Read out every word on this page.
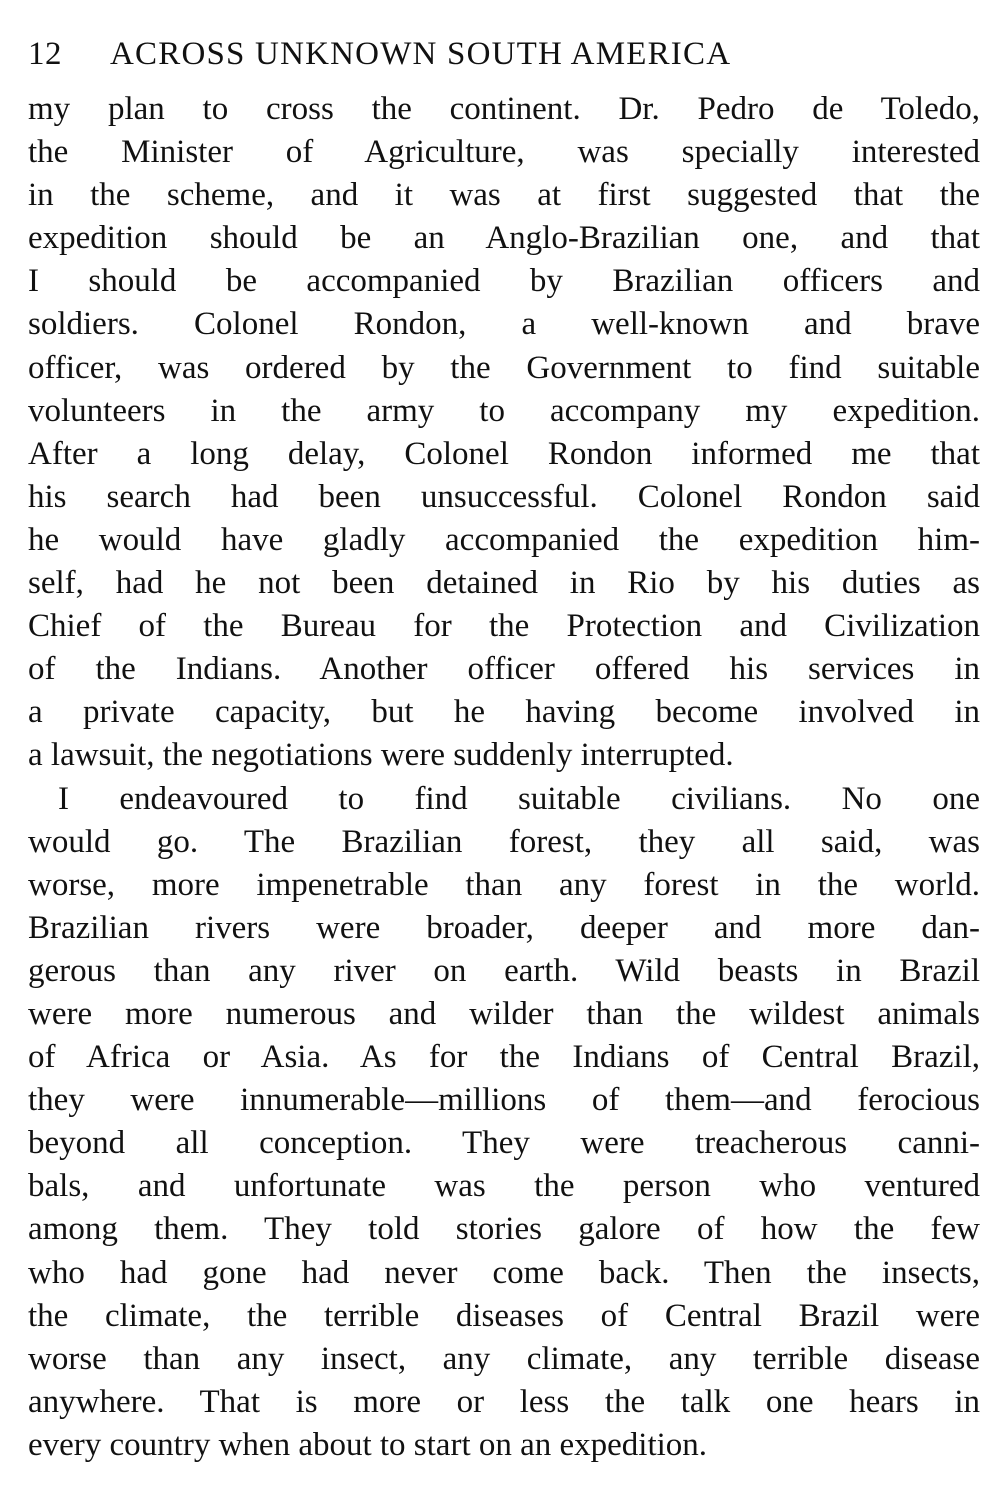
12 ACROSS UNKNOWN SOUTH AMERICA
my plan to cross the continent. Dr. Pedro de Toledo,
the Minister of Agriculture, was specially interested
in the scheme, and it was at first suggested that the
expedition should be an Anglo-Brazilian one, and that
I should be accompanied by Brazilian officers and
soldiers. Colonel Rondon, a well-known and brave
officer, was ordered by the Government to find suitable
volunteers in the army to accompany my expedition.
After a long delay, Colonel Rondon informed me that
his search had been unsuccessful. Colonel Rondon said
he would have gladly accompanied the expedition him-
self, had he not been detained in Rio by his duties as
Chief of the Bureau for the Protection and Civilization
of the Indians. Another officer offered his services in
a private capacity, but he having become involved in
a lawsuit, the negotiations were suddenly interrupted.
I endeavoured to find suitable civilians. No one
would go. The Brazilian forest, they all said, was
worse, more impenetrable than any forest in the world.
Brazilian rivers were broader, deeper and more dan-
gerous than any river on earth. Wild beasts in Brazil
were more numerous and wilder than the wildest animals
of Africa or Asia. As for the Indians of Central Brazil,
they were innumerable—millions of them—and ferocious
beyond all conception. They were treacherous canni-
bals, and unfortunate was the person who ventured
among them. They told stories galore of how the few
who had gone had never come back. Then the insects,
the climate, the terrible diseases of Central Brazil were
worse than any insect, any climate, any terrible disease
anywhere. That is more or less the talk one hears in
every country when about to start on an expedition.
